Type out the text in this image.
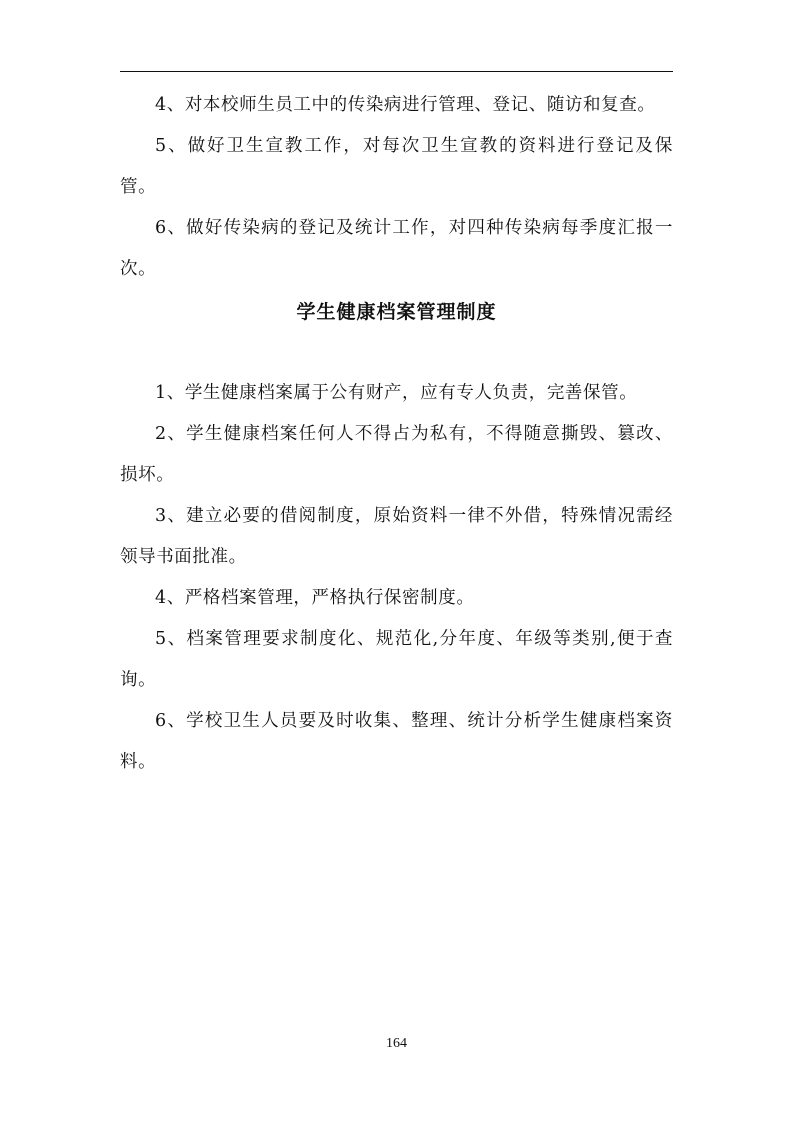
4、对本校师生员工中的传染病进行管理、登记、随访和复查。

5、做好卫生宣教工作，对每次卫生宣教的资料进行登记及保管。

6、做好传染病的登记及统计工作，对四种传染病每季度汇报一次。

学生健康档案管理制度

1、学生健康档案属于公有财产，应有专人负责，完善保管。

2、学生健康档案任何人不得占为私有，不得随意撕毁、篡改、损坏。

3、建立必要的借阅制度，原始资料一律不外借，特殊情况需经领导书面批准。

4、严格档案管理，严格执行保密制度。

5、档案管理要求制度化、规范化,分年度、年级等类别,便于查询。

6、学校卫生人员要及时收集、整理、统计分析学生健康档案资料。

164
